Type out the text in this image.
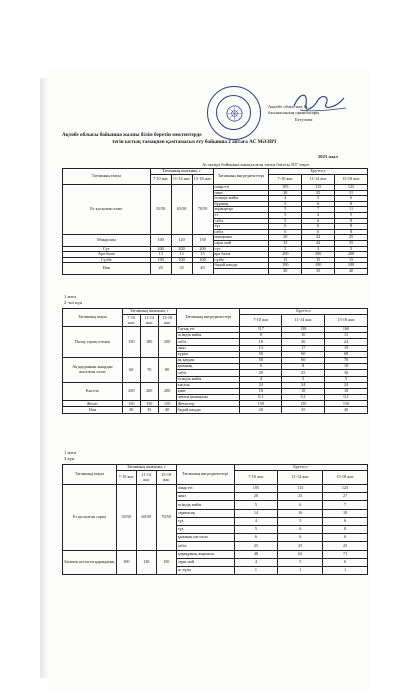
Ақтөбе облыстық бі...
басшысының орынбасары
Бегулова
Ақтөбе облысы бойынша жалпы білім беретін мектептерде
тегін ыстық тамақпен қамтамасыз ету бойынша 2 аптаға АС МӘЗІРІ
2023 жыл
Ас мәзірі бойынша анықталған тағам бағасы 507 теңге
Тағамның атауы	Тағамның шығымы, г			Тағамның ингредиенттері	Брутто,г		
	7-10 жас	11-14 жас	15-18 жас		7-10 жас	11-14 жас	15-18 жас
Ет қосылған көже	35/50	65/50	70/50	сиыр еті	105	115	125
				пияз	20	25	31
				өсімдік майы	4	5	6
				бұршақ	5	6	8
				жұмыртқа	5	7	11
				ет	5	4	5
				сәбіз	5	6	8
				тұз	6	6	8
				сабіз	6	6	8
Макароны	100	120	150	макароны	20	22	25
				сары май	33	42	55
Сүт	200	200	200	сүт	2	3	5
Ара балы	13	13	15	ара балы	200	200	200
Сүзбе	100	100	100	сүзбе	15	15	15
Нан	20	35	40	бидай нанды	100	100	100
					20	35	40
1 апта
2 -ші күн
Тағамның атауы	Тағамның шығымы, г			Тағамның ингредиенттері	Брутто,г		
	7-10 жас	11-14 жас	15-18 жас		7-10 жас	11-14 жас	15-18 жас
Палау тауық етімен	150	180	200	Тауық еті	117	138	160
				өсімдік майы	8	10	11
				сәбіз	18	20	24
				пияз	13	17	19
				күріш	50	60	68
Ақ қауданнан жаңадан жасалған салат	60	70	80	ақ қаудан	50	60	70
				қызанақ	6	8	10
				сәбіз	20	25	30
				өсімдік майы	4	5	5
Кисель	200	200	200	кисель	24	24	24
				қант	10	10	10
				лимон қышқылы	0,1	0,1	0,1
Жеміс	150	150	150	Жемістер	150	150	150
Нан	20	35	40	бидай нанды	20	35	40
1 апта
3 күн
Тағамның атауы	Тағамның шығымы, г			Тағамның ингредиенттері	Брутто,г		
	7-10 жас	11-14 жас	15-18 жас		7-10 жас	11-14 жас	15-18 жас
Ет қосылған сорпа	50/50	60/50	70/50	сиыр еті	105	115	125
				пияз	20	23	27
				өсімдік майы	5	6	7
				сарымсақ	14	16	18
				тұз	4	5	6
				тұз	5	6	8
				қызанақ пастасы	6	6	6
				сәбіз	25	25	25
Бөлшек кесілген қаракұмық	100	130	150	қарақұмық жармасы	48	62	71
				сары май	4	5	6
				ас тұзы	1	1	1
